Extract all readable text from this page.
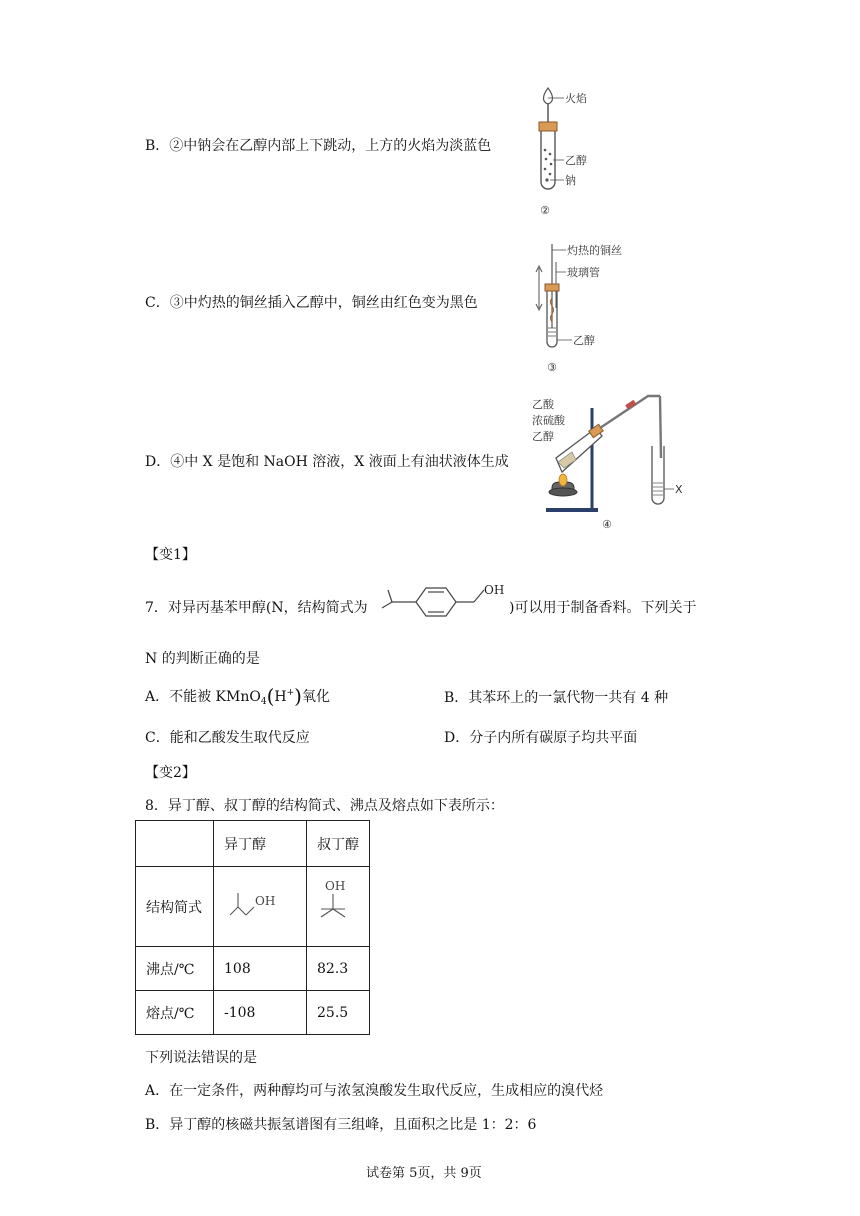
B．②中钠会在乙醇内部上下跳动，上方的火焰为淡蓝色
C．③中灼热的铜丝插入乙醇中，铜丝由红色变为黑色
D．④中 X 是饱和 NaOH 溶液，X 液面上有油状液体生成
火焰
乙醇
钠
②
灼热的铜丝
玻璃管
乙醇
③
乙酸
浓硫酸
乙醇
X
④
【变1】
7．对异丙基苯甲醇(N，结构简式为
OH
)可以用于制备香料。下列关于
N 的判断正确的是
A．不能被 KMnO$_4$(H+)氧化	B．其苯环上的一氯代物一共有 4 种
C．能和乙酸发生取代反应	D．分子内所有碳原子均共平面
【变2】
8．异丁醇、叔丁醇的结构简式、沸点及熔点如下表所示：
	异丁醇	叔丁醇
结构简式	OH	OH

沸点/℃	108	82.3
熔点/℃	-108	25.5
下列说法错误的是
A．在一定条件，两种醇均可与浓氢溴酸发生取代反应，生成相应的溴代烃
B．异丁醇的核磁共振氢谱图有三组峰，且面积之比是 1：2：6
试卷第 5页，共 9页
